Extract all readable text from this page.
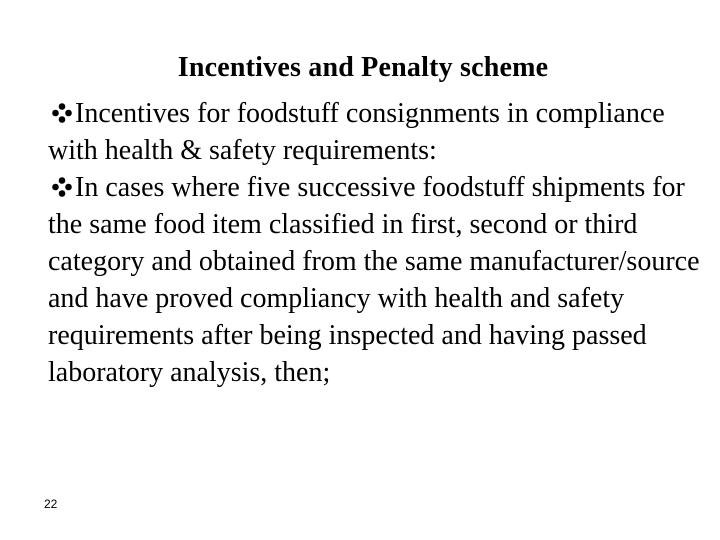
Incentives and Penalty scheme

Incentives for foodstuff consignments in compliance with health & safety requirements:

In cases where five successive foodstuff shipments for the same food item classified in first, second or third category and obtained from the same manufacturer/source and have proved compliancy with health and safety requirements after being inspected and having passed laboratory analysis, then;

22
